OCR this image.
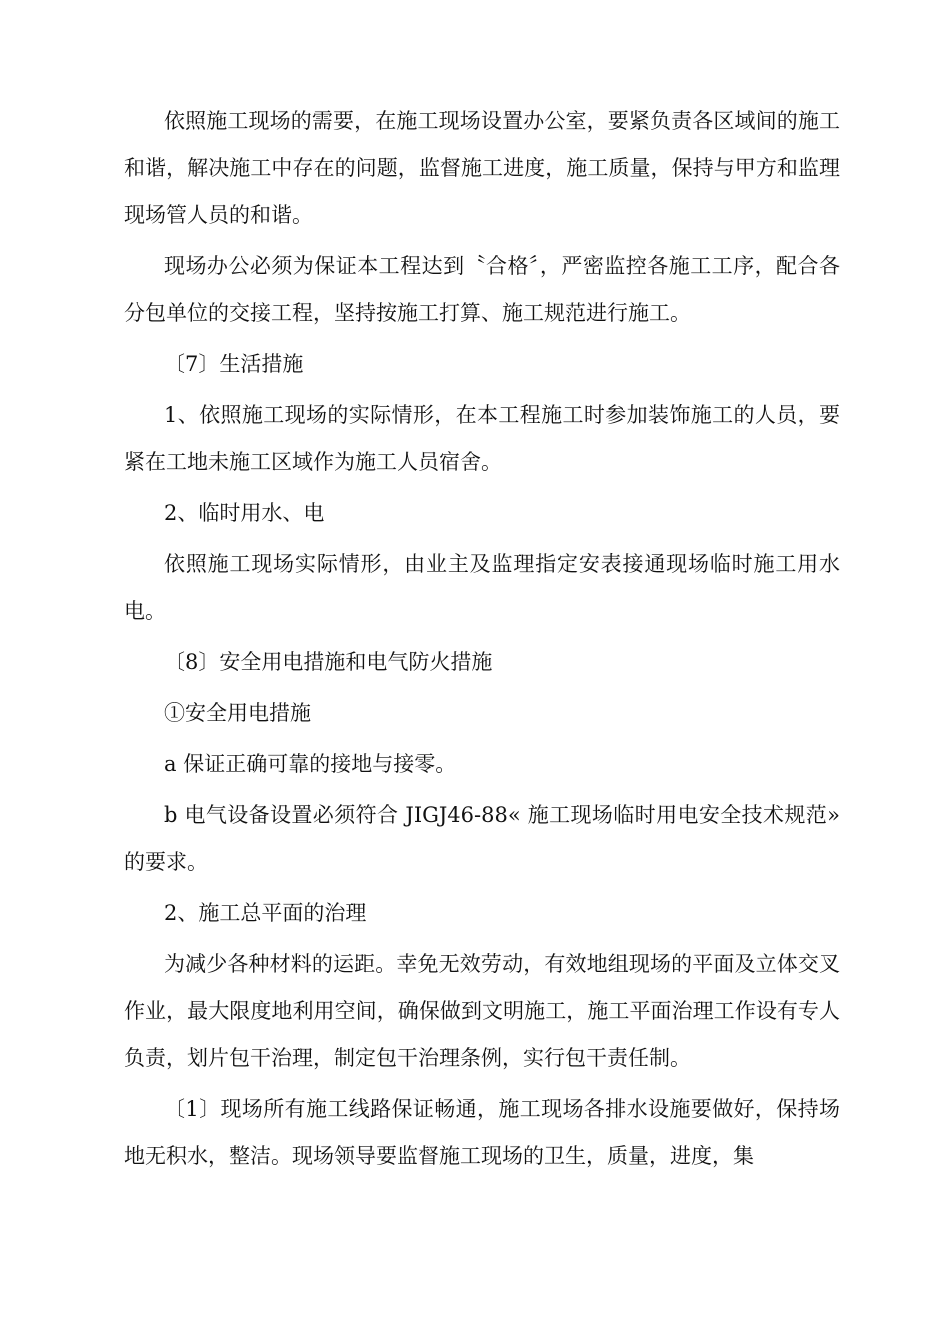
依照施工现场的需要，在施工现场设置办公室，要紧负责各区域间的施工和谐，解决施工中存在的问题，监督施工进度，施工质量，保持与甲方和监理现场管人员的和谐。

现场办公必须为保证本工程达到〝合格〞，严密监控各施工工序，配合各分包单位的交接工程，坚持按施工打算、施工规范进行施工。

〔7〕生活措施

1、依照施工现场的实际情形，在本工程施工时参加装饰施工的人员，要紧在工地未施工区域作为施工人员宿舍。

2、临时用水、电

依照施工现场实际情形，由业主及监理指定安表接通现场临时施工用水电。

〔8〕安全用电措施和电气防火措施

①安全用电措施

a 保证正确可靠的接地与接零。

b 电气设备设置必须符合 JIGJ46-88« 施工现场临时用电安全技术规范» 的要求。

2、施工总平面的治理

为减少各种材料的运距。幸免无效劳动，有效地组现场的平面及立体交叉作业，最大限度地利用空间，确保做到文明施工，施工平面治理工作设有专人负责，划片包干治理，制定包干治理条例，实行包干责任制。

〔1〕现场所有施工线路保证畅通，施工现场各排水设施要做好，保持场地无积水，整洁。现场领导要监督施工现场的卫生，质量，进度，集
